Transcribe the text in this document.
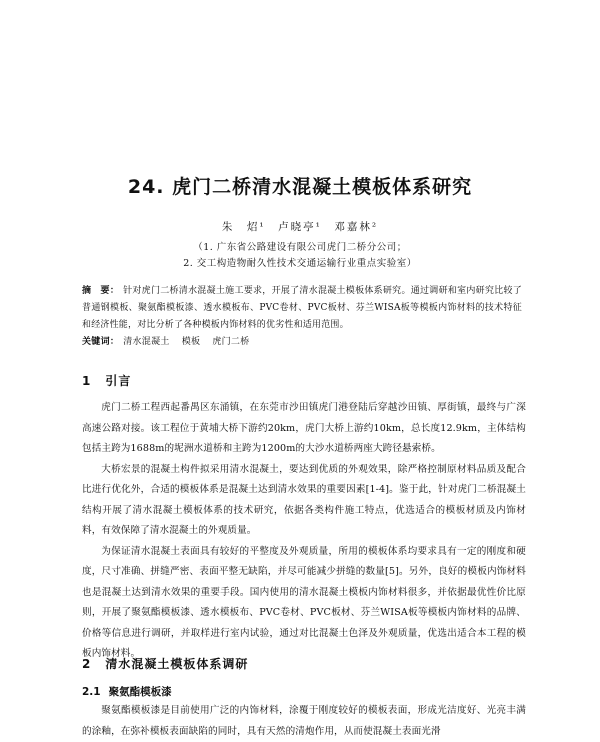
24. 虎门二桥清水混凝土模板体系研究
朱　炤¹　卢晓亭¹　邓嘉林²
（1. 广东省公路建设有限公司虎门二桥分公司；
2. 交工构造物耐久性技术交通运输行业重点实验室）
摘　要： 针对虎门二桥清水混凝土施工要求，开展了清水混凝土模板体系研究。通过调研和室内研究比较了普通钢模板、聚氨酯模板漆、透水模板布、PVC卷材、PVC板材、芬兰WISA板等模板内饰材料的技术特征和经济性能，对比分析了各种模板内饰材料的优劣性和适用范围。
关键词： 清水混凝土 模板 虎门二桥
1 引言

虎门二桥工程西起番禺区东涌镇，在东莞市沙田镇虎门港登陆后穿越沙田镇、厚街镇，最终与广深高速公路对接。该工程位于黄埔大桥下游约20km，虎门大桥上游约10km，总长度12.9km，主体结构包括主跨为1688m的坭洲水道桥和主跨为1200m的大沙水道桥两座大跨径悬索桥。

大桥宏景的混凝土构件拟采用清水混凝土，要达到优质的外观效果，除严格控制原材料品质及配合比进行优化外，合适的模板体系是混凝土达到清水效果的重要因素[1-4]。鉴于此，针对虎门二桥混凝土结构开展了清水混凝土模板体系的技术研究，依据各类构件施工特点，优选适合的模板材质及内饰材料，有效保障了清水混凝土的外观质量。

为保证清水混凝土表面具有较好的平整度及外观质量，所用的模板体系均要求具有一定的刚度和硬度，尺寸准确、拼缝严密、表面平整无缺陷，并尽可能减少拼缝的数量[5]。另外，良好的模板内饰材料也是混凝土达到清水效果的重要手段。国内使用的清水混凝土模板内饰材料很多，并依据最优性价比原则，开展了聚氨酯模板漆、透水模板布、PVC卷材、PVC板材、芬兰WISA板等模板内饰材料的品牌、价格等信息进行调研，并取样进行室内试验，通过对比混凝土色泽及外观质量，优选出适合本工程的模板内饰材料。

2 清水混凝土模板体系调研
2.1 聚氨酯模板漆

聚氨酯模板漆是目前使用广泛的内饰材料，涂覆于刚度较好的模板表面，形成光洁度好、光亮丰满的涂釉，在弥补模板表面缺陷的同时，具有天然的清炮作用，从而使混凝土表面光滑
